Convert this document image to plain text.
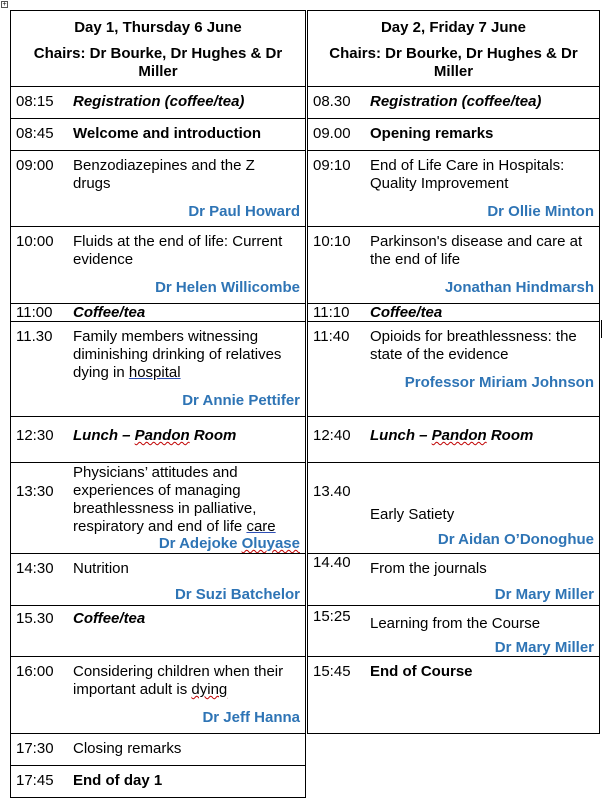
+
Day 1, Thursday 6 June
Chairs: Dr Bourke, Dr Hughes & Dr Miller
08:15 Registration (coffee/tea)
08:45 Welcome and introduction
09:00 Benzodiazepines and the Z drugs
Dr Paul Howard
10:00 Fluids at the end of life: Current evidence
Dr Helen Willicombe
11:00 Coffee/tea
11.30 Family members witnessing diminishing drinking of relatives dying in hospital
Dr Annie Pettifer
12:30 Lunch – Pandon Room
13:30
Physicians’ attitudes and experiences of managing breathlessness in palliative, respiratory and end of life care
Dr Adejoke Oluyase
14:30 Nutrition
Dr Suzi Batchelor
15.30 Coffee/tea
16:00 Considering children when their important adult is dying
Dr Jeff Hanna
17:30 Closing remarks
17:45 End of day 1
Day 2, Friday 7 June
Chairs: Dr Bourke, Dr Hughes & Dr Miller
08.30 Registration (coffee/tea)
09.00 Opening remarks
09:10 End of Life Care in Hospitals: Quality Improvement
Dr Ollie Minton
10:10 Parkinson's disease and care at the end of life
Jonathan Hindmarsh
11:10 Coffee/tea
11:40 Opioids for breathlessness: the state of the evidence
Professor Miriam Johnson
12:40 Lunch – Pandon Room
13.40
Early Satiety
Dr Aidan O’Donoghue
14.40 From the journals
Dr Mary Miller
15:25 Learning from the Course
Dr Mary Miller
15:45 End of Course
